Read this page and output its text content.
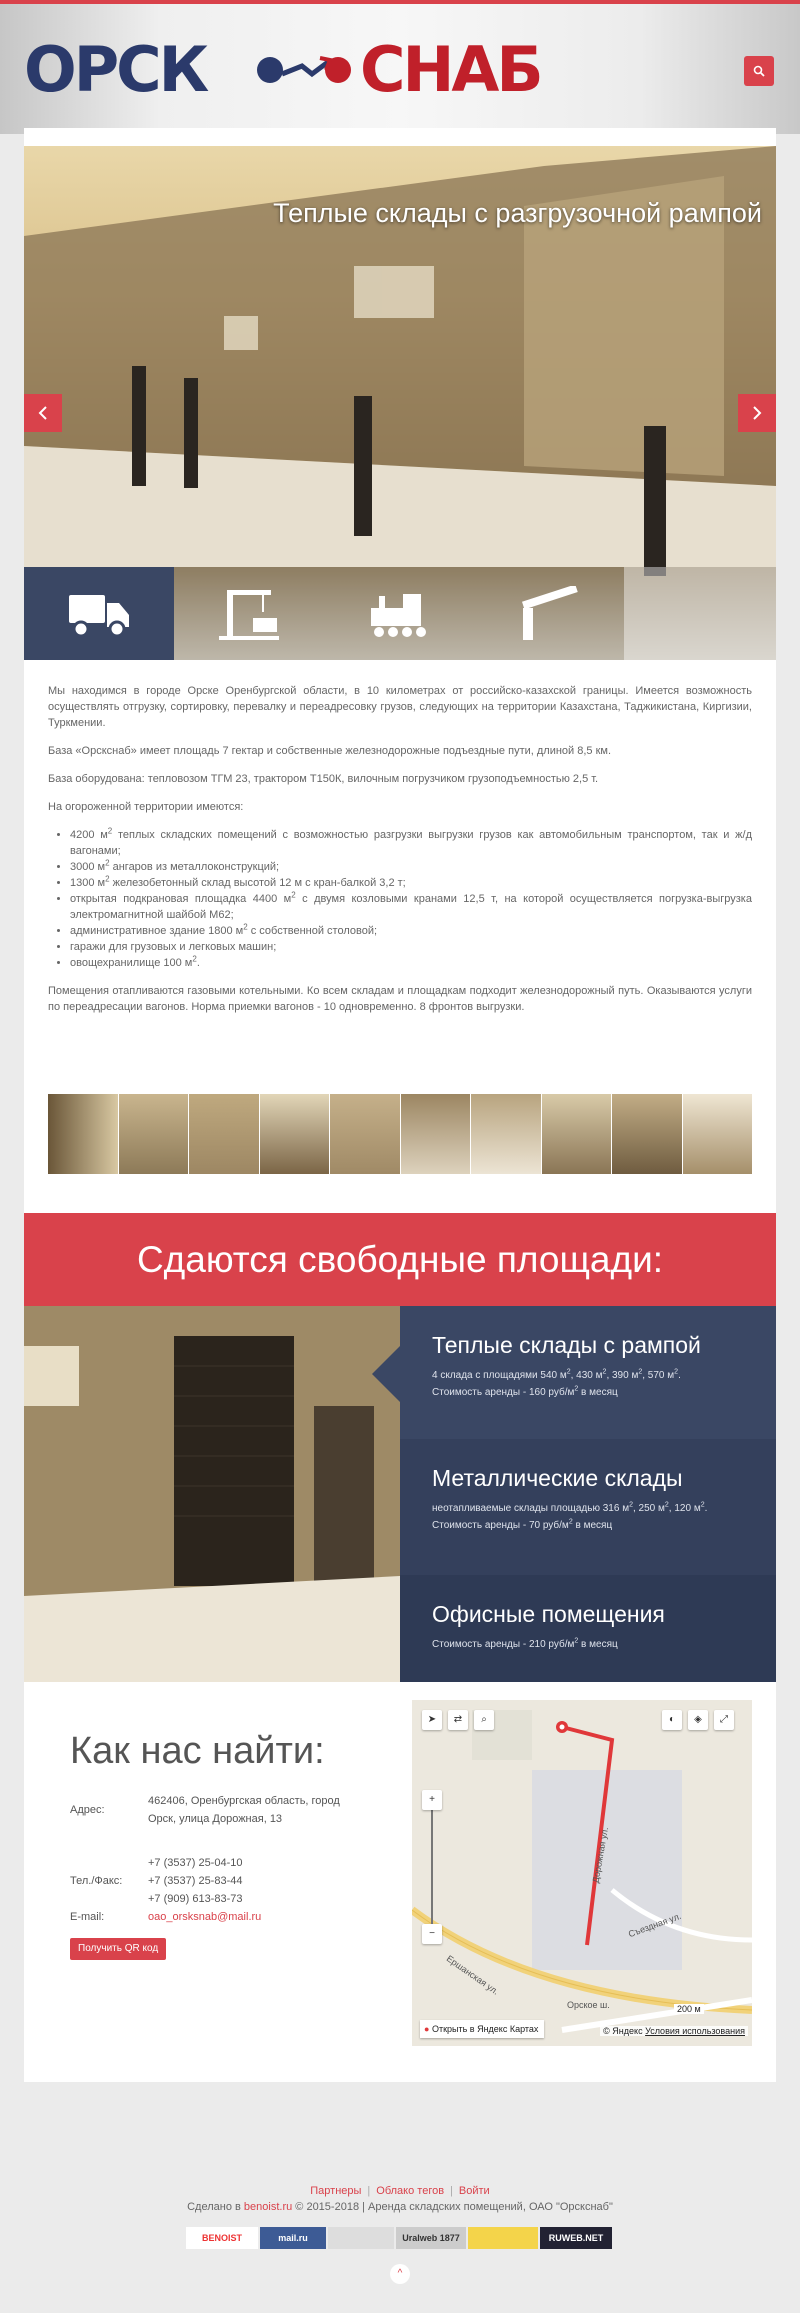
ОРСК СНАБ
Теплые склады с разгрузочной рампой

Мы находимся в городе Орске Оренбургской области, в 10 километрах от российско-казахской границы. Имеется возможность осуществлять отгрузку, сортировку, перевалку и переадресовку грузов, следующих на территории Казахстана, Таджикистана, Киргизии, Туркмении.

База «Орскснаб» имеет площадь 7 гектар и собственные железнодорожные подъездные пути, длиной 8,5 км.

База оборудована: тепловозом ТГМ 23, трактором Т150К, вилочным погрузчиком грузоподъемностью 2,5 т.

На огороженной территории имеются:

• 4200 $м^2$ теплых складских помещений с возможностью разгрузки выгрузки грузов как автомобильным транспортом, так и ж/д вагонами;
• 3000 $м^2$ ангаров из металлоконструкций;
• 1300 $м^2$ железобетонный склад высотой 12 м с кран-балкой 3,2 т;
• открытая подкрановая площадка 4400 $м^2$ с двумя козловыми кранами 12,5 т, на которой осуществляется погрузка-выгрузка электромагнитной шайбой М62;
• административное здание 1800 $м^2$ с собственной столовой;
• гаражи для грузовых и легковых машин;
• овощехранилище 100 $м^2$.

Помещения отапливаются газовыми котельными. Ко всем складам и площадкам подходит железнодорожный путь. Оказываются услуги по переадресации вагонов. Норма приемки вагонов - 10 одновременно. 8 фронтов выгрузки.

Сдаются свободные площади:
Теплые склады с рампой
4 склада с площадями 540 $м^2$, 430 $м^2$, 390 $м^2$, 570 $м^2$.
Стоимость аренды - 160 руб/$м^2$ в месяц
Металлические склады
неотапливаемые склады площадью 316 $м^2$, 250 $м^2$, 120 $м^2$.
Стоимость аренды - 70 руб/$м^2$ в месяц
Офисные помещения
Стоимость аренды - 210 руб/$м^2$ в месяц
Как нас найти:
Адрес:
462406, Оренбургская область, город Орск, улица Дорожная, 13
Тел./Факс:
+7 (3537) 25-04-10
+7 (3537) 25-83-44
+7 (909) 613-83-73
E-mail:	oao_orsksnab@mail.ru
Получить QR код
➤	⇄	⌕	◐	◈	⤢
+
−
Дорожная ул.
Съездная ул.
Ершанская ул.
Орское ш.	200 м
● Открыть в Яндекс Картах	© Яндекс Условия использования
Партнеры | Облако тегов | Войти
Сделано в benoist.ru © 2015-2018 | Аренда складских помещений, ОАО "Орскснаб"
BENOIST	mail.ru	Uralweb 1877	RUWEB.NET
^
